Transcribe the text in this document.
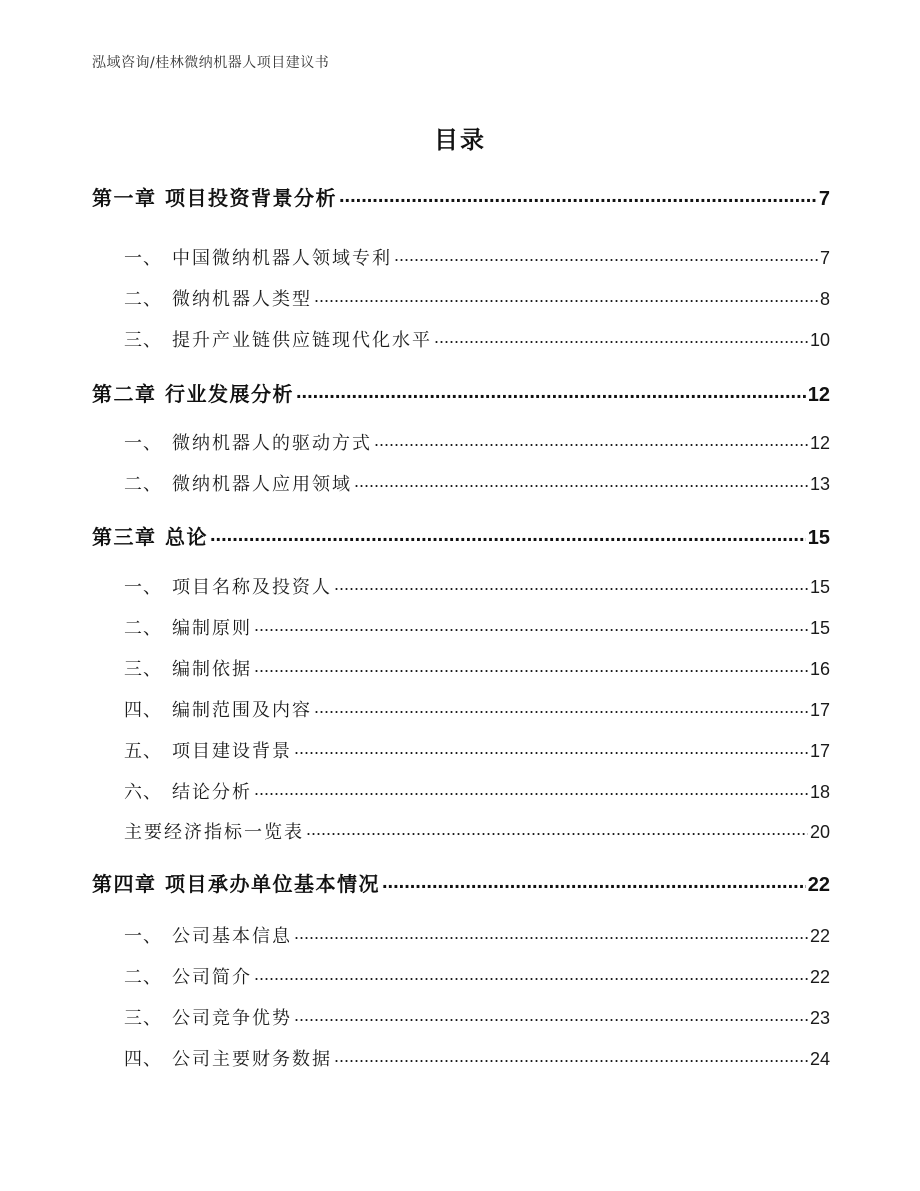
泓域咨询/桂林微纳机器人项目建议书
目录
第一章 项目投资背景分析 .....	7
一、 中国微纳机器人领域专利 .....	7
二、 微纳机器人类型 .....	8
三、 提升产业链供应链现代化水平 .....	10
第二章 行业发展分析 .....	12
一、 微纳机器人的驱动方式 .....	12
二、 微纳机器人应用领域 .....	13
第三章 总论 .....	15
一、 项目名称及投资人 .....	15
二、 编制原则 .....	15
三、 编制依据 .....	16
四、 编制范围及内容 .....	17
五、 项目建设背景 .....	17
六、 结论分析 .....	18
主要经济指标一览表 .....	20
第四章 项目承办单位基本情况 .....	22
一、 公司基本信息 .....	22
二、 公司简介 .....	22
三、 公司竞争优势 .....	23
四、 公司主要财务数据 .....	24
